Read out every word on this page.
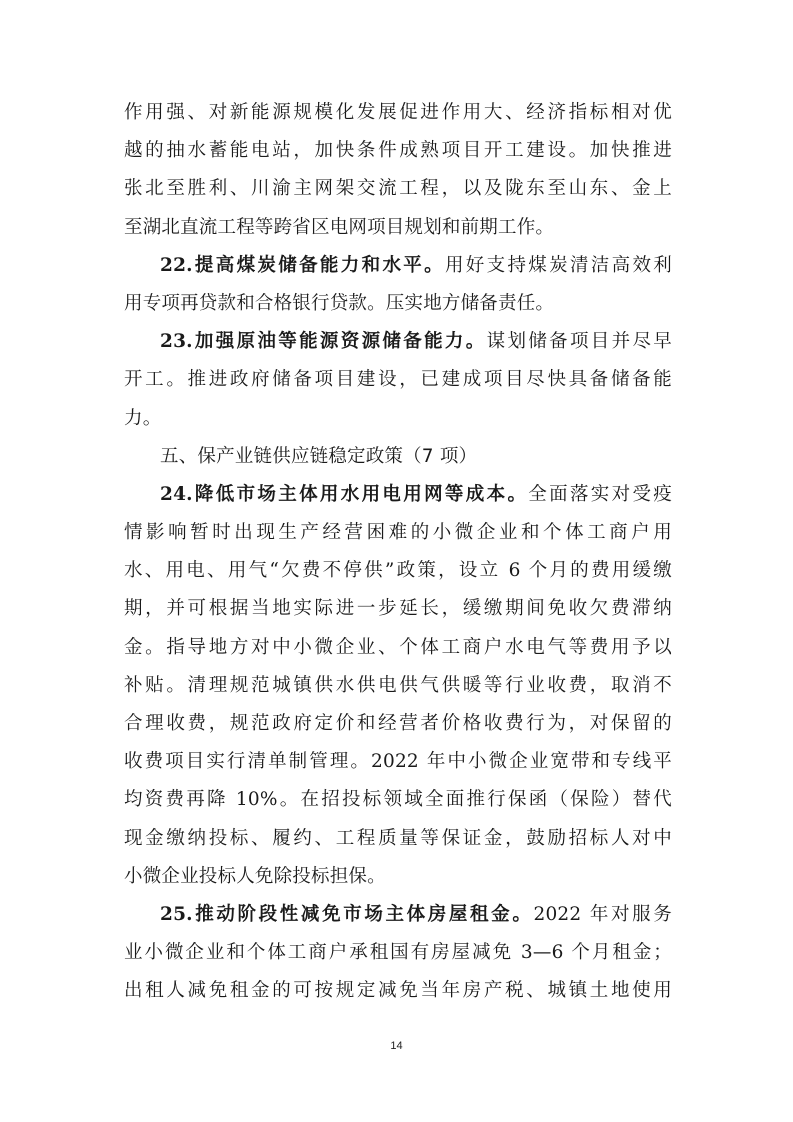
作用强、对新能源规模化发展促进作用大、经济指标相对优
越的抽水蓄能电站，加快条件成熟项目开工建设。加快推进
张北至胜利、川渝主网架交流工程，以及陇东至山东、金上
至湖北直流工程等跨省区电网项目规划和前期工作。
22.提高煤炭储备能力和水平。用好支持煤炭清洁高效利
用专项再贷款和合格银行贷款。压实地方储备责任。
23.加强原油等能源资源储备能力。谋划储备项目并尽早
开工。推进政府储备项目建设，已建成项目尽快具备储备能
力。
五、保产业链供应链稳定政策（7 项）
24.降低市场主体用水用电用网等成本。全面落实对受疫
情影响暂时出现生产经营困难的小微企业和个体工商户用
水、用电、用气“欠费不停供”政策，设立 6 个月的费用缓缴
期，并可根据当地实际进一步延长，缓缴期间免收欠费滞纳
金。指导地方对中小微企业、个体工商户水电气等费用予以
补贴。清理规范城镇供水供电供气供暖等行业收费，取消不
合理收费，规范政府定价和经营者价格收费行为，对保留的
收费项目实行清单制管理。2022 年中小微企业宽带和专线平
均资费再降 10%。在招投标领域全面推行保函（保险）替代
现金缴纳投标、履约、工程质量等保证金，鼓励招标人对中
小微企业投标人免除投标担保。
25.推动阶段性减免市场主体房屋租金。2022 年对服务
业小微企业和个体工商户承租国有房屋减免 3—6 个月租金；
出租人减免租金的可按规定减免当年房产税、城镇土地使用
14
